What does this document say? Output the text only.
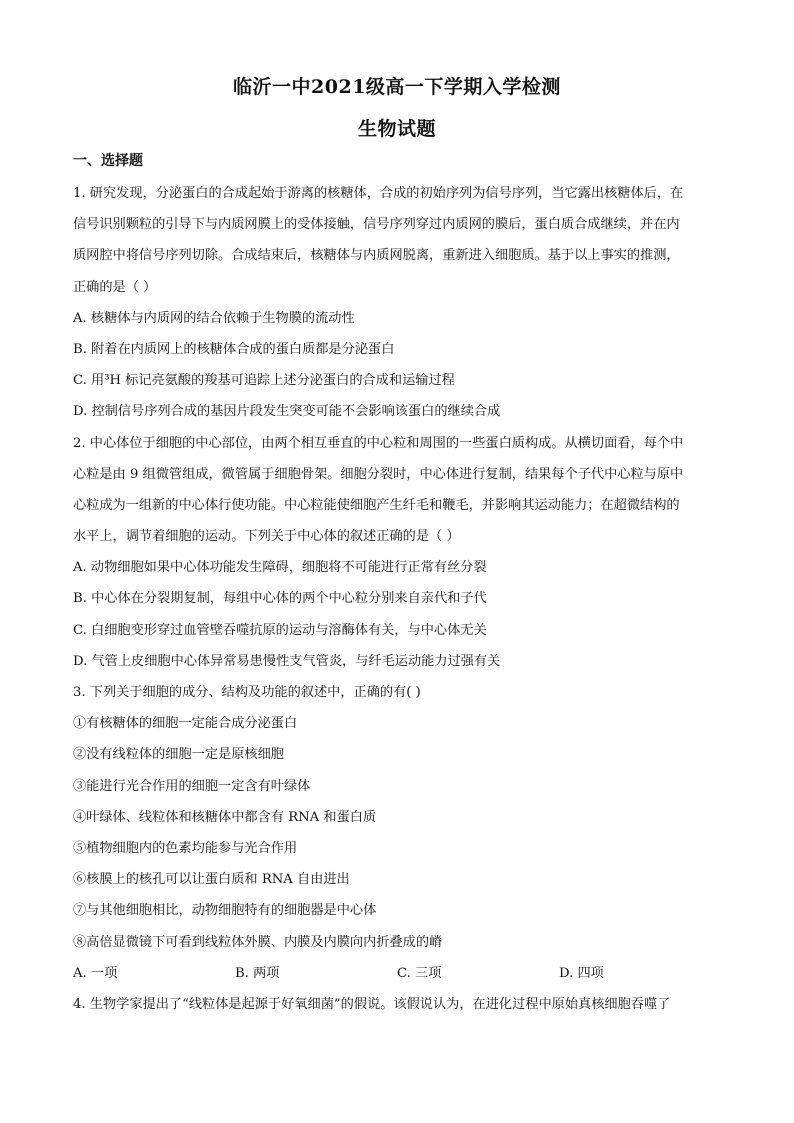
临沂一中2021级高一下学期入学检测
生物试题
一、选择题
1. 研究发现，分泌蛋白的合成起始于游离的核糖体，合成的初始序列为信号序列，当它露出核糖体后，在
信号识别颗粒的引导下与内质网膜上的受体接触，信号序列穿过内质网的膜后，蛋白质合成继续，并在内
质网腔中将信号序列切除。合成结束后，核糖体与内质网脱离，重新进入细胞质。基于以上事实的推测，
正确的是（ ）
A. 核糖体与内质网的结合依赖于生物膜的流动性
B. 附着在内质网上的核糖体合成的蛋白质都是分泌蛋白
C. 用³H 标记亮氨酸的羧基可追踪上述分泌蛋白的合成和运输过程
D. 控制信号序列合成的基因片段发生突变可能不会影响该蛋白的继续合成
2. 中心体位于细胞的中心部位，由两个相互垂直的中心粒和周围的一些蛋白质构成。从横切面看，每个中
心粒是由 9 组微管组成，微管属于细胞骨架。细胞分裂时，中心体进行复制，结果每个子代中心粒与原中
心粒成为一组新的中心体行使功能。中心粒能使细胞产生纤毛和鞭毛，并影响其运动能力；在超微结构的
水平上，调节着细胞的运动。下列关于中心体的叙述正确的是（ ）
A. 动物细胞如果中心体功能发生障碍，细胞将不可能进行正常有丝分裂
B. 中心体在分裂期复制，每组中心体的两个中心粒分别来自亲代和子代
C. 白细胞变形穿过血管壁吞噬抗原的运动与溶酶体有关，与中心体无关
D. 气管上皮细胞中心体异常易患慢性支气管炎，与纤毛运动能力过强有关
3. 下列关于细胞的成分、结构及功能的叙述中，正确的有( )
①有核糖体的细胞一定能合成分泌蛋白
②没有线粒体的细胞一定是原核细胞
③能进行光合作用的细胞一定含有叶绿体
④叶绿体、线粒体和核糖体中都含有 RNA 和蛋白质
⑤植物细胞内的色素均能参与光合作用
⑥核膜上的核孔可以让蛋白质和 RNA 自由进出
⑦与其他细胞相比，动物细胞特有的细胞器是中心体
⑧高倍显微镜下可看到线粒体外膜、内膜及内膜向内折叠成的嵴
A. 一项	B. 两项	C. 三项	D. 四项
4. 生物学家提出了“线粒体是起源于好氧细菌”的假说。该假说认为，在进化过程中原始真核细胞吞噬了
